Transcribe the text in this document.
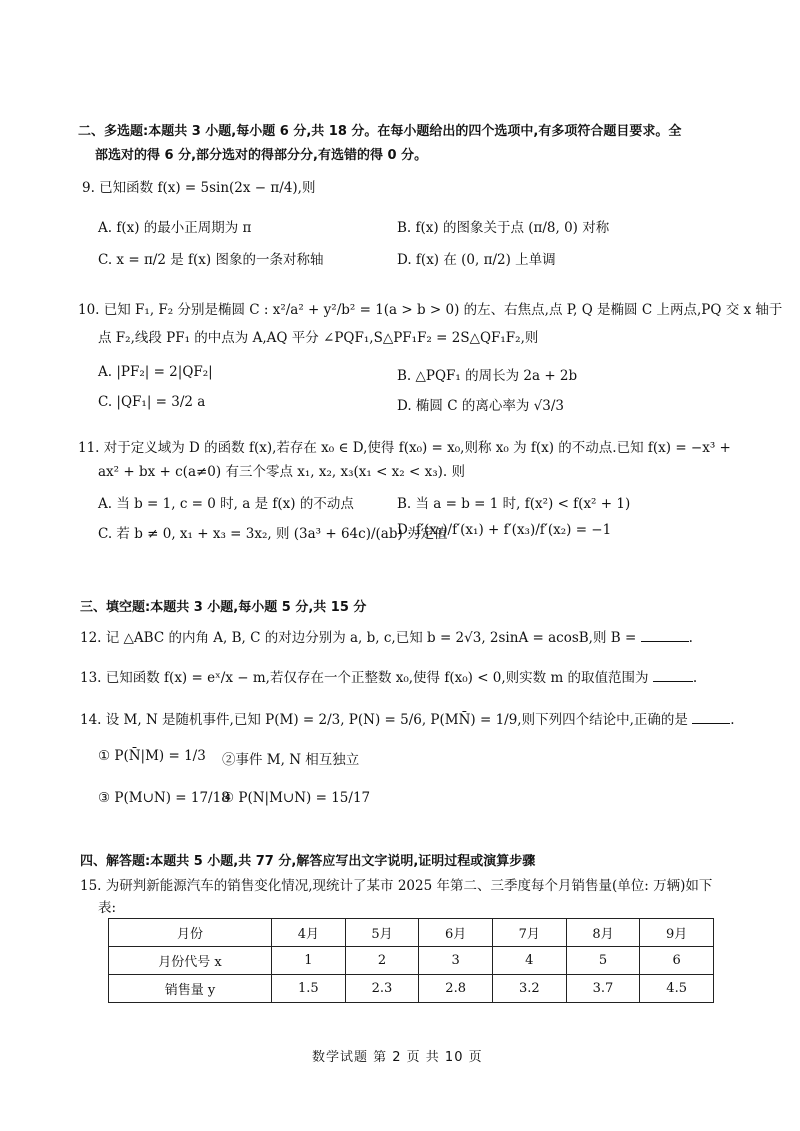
二、多选题:本题共 3 小题,每小题 6 分,共 18 分。在每小题给出的四个选项中,有多项符合题目要求。全
部选对的得 6 分,部分选对的得部分分,有选错的得 0 分。
9. 已知函数 f(x) = 5sin(2x − π/4),则
A. f(x) 的最小正周期为 π	B. f(x) 的图象关于点 (π/8, 0) 对称
C. x = π/2 是 f(x) 图象的一条对称轴	D. f(x) 在 (0, π/2) 上单调
10. 已知 F₁, F₂ 分别是椭圆 C : x²/a² + y²/b² = 1(a > b > 0) 的左、右焦点,点 P, Q 是椭圆 C 上两点,PQ 交 x 轴于
点 F₂,线段 PF₁ 的中点为 A,AQ 平分 ∠PQF₁,S△PF₁F₂ = 2S△QF₁F₂,则
A. |PF₂| = 2|QF₂|	B. △PQF₁ 的周长为 2a + 2b
C. |QF₁| = 3/2 a	D. 椭圆 C 的离心率为 √3/3
11. 对于定义域为 D 的函数 f(x),若存在 x₀ ∈ D,使得 f(x₀) = x₀,则称 x₀ 为 f(x) 的不动点.已知 f(x) = −x³ +
ax² + bx + c(a≠0) 有三个零点 x₁, x₂, x₃(x₁ < x₂ < x₃). 则
A. 当 b = 1, c = 0 时, a 是 f(x) 的不动点	B. 当 a = b = 1 时, f(x²) < f(x² + 1)
C. 若 b ≠ 0, x₁ + x₃ = 3x₂, 则 (3a³ + 64c)/(ab) 为定值
D. f′(x₃)/f′(x₁) + f′(x₃)/f′(x₂) = −1
三、填空题:本题共 3 小题,每小题 5 分,共 15 分
12. 记 △ABC 的内角 A, B, C 的对边分别为 a, b, c,已知 b = 2√3, 2sinA = acosB,则 B =	.
13. 已知函数 f(x) = eˣ/x − m,若仅存在一个正整数 x₀,使得 f(x₀) < 0,则实数 m 的取值范围为	.
14. 设 M, N 是随机事件,已知 P(M) = 2/3, P(N) = 5/6, P(MN̄) = 1/9,则下列四个结论中,正确的是	.
① P(N̄|M) = 1/3 ②事件 M, N 相互独立
③ P(M∪N) = 17/18
④ P(N|M∪N) = 15/17
四、解答题:本题共 5 小题,共 77 分,解答应写出文字说明,证明过程或演算步骤
15. 为研判新能源汽车的销售变化情况,现统计了某市 2025 年第二、三季度每个月销售量(单位: 万辆)如下
表:
月份	4月	5月	6月	7月	8月	9月
月份代号 x	1	2	3	4	5	6
销售量 y	1.5	2.3	2.8	3.2	3.7	4.5
数学试题 第 2 页 共 10 页
